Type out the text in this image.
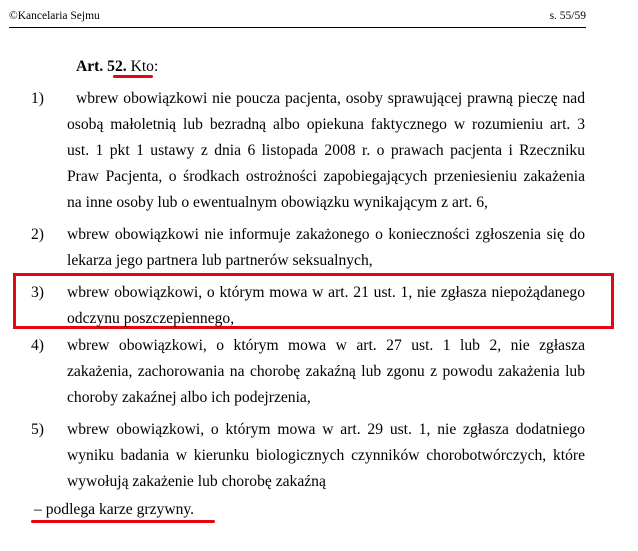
©Kancelaria Sejmu	s. 55/59
Art. 52. Kto:
1) wbrew obowiązkowi nie poucza pacjenta, osoby sprawującej prawną pieczę nad
osobą małoletnią lub bezradną albo opiekuna faktycznego w rozumieniu art. 3
ust. 1 pkt 1 ustawy z dnia 6 listopada 2008 r. o prawach pacjenta i Rzeczniku
Praw Pacjenta, o środkach ostrożności zapobiegających przeniesieniu zakażenia
na inne osoby lub o ewentualnym obowiązku wynikającym z art. 6,
2) wbrew obowiązkowi nie informuje zakażonego o konieczności zgłoszenia się do
lekarza jego partnera lub partnerów seksualnych,
3) wbrew obowiązkowi, o którym mowa w art. 21 ust. 1, nie zgłasza niepożądanego
odczynu poszczepiennego,
4) wbrew obowiązkowi, o którym mowa w art. 27 ust. 1 lub 2, nie zgłasza
zakażenia, zachorowania na chorobę zakaźną lub zgonu z powodu zakażenia lub
choroby zakaźnej albo ich podejrzenia,
5) wbrew obowiązkowi, o którym mowa w art. 29 ust. 1, nie zgłasza dodatniego
wyniku badania w kierunku biologicznych czynników chorobotwórczych, które
wywołują zakażenie lub chorobę zakaźną
– podlega karze grzywny.
